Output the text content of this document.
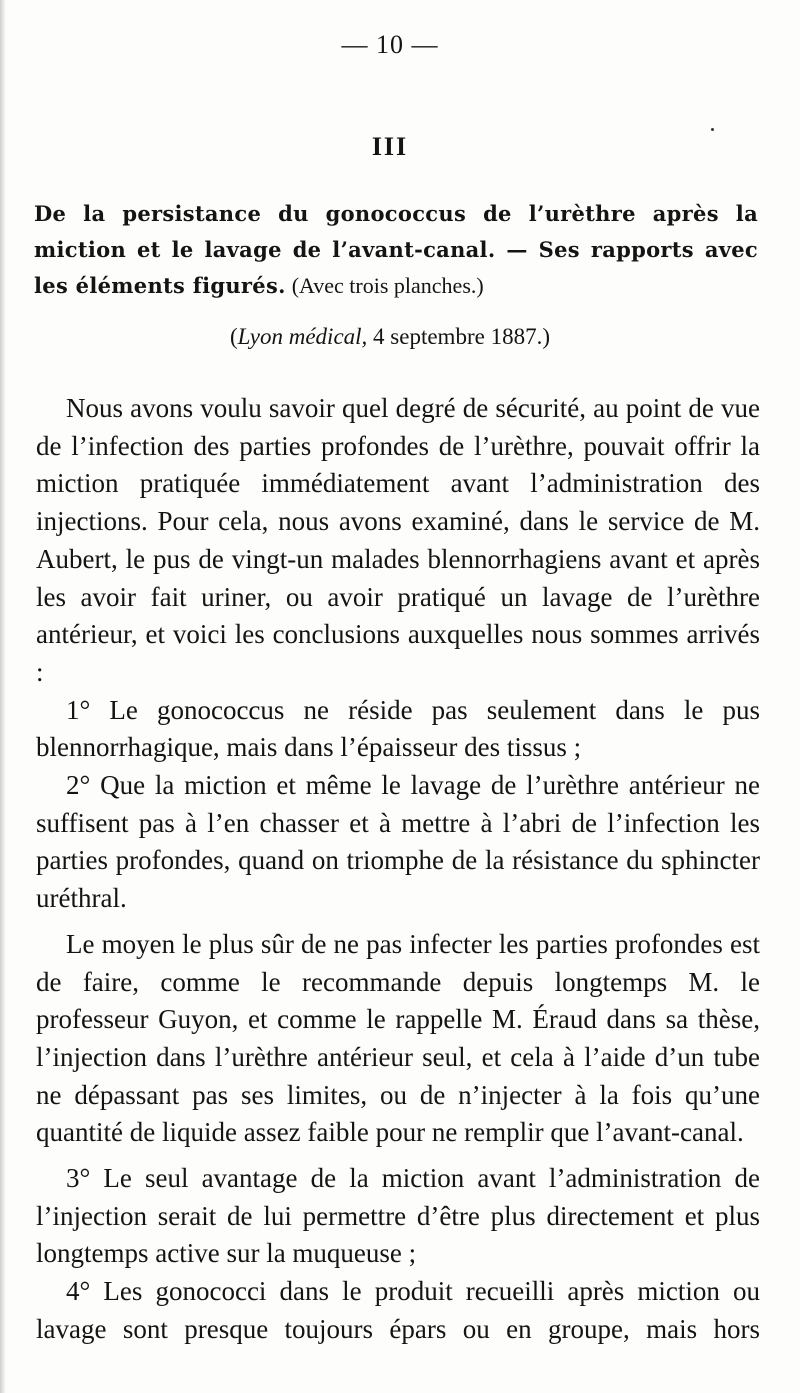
— 10 —
III
De la persistance du gonococcus de l’urèthre après la miction et le lavage de l’avant-canal. — Ses rapports avec les éléments figurés. (Avec trois planches.)
(Lyon médical, 4 septembre 1887.)

Nous avons voulu savoir quel degré de sécurité, au point de vue de l’infection des parties profondes de l’urèthre, pouvait offrir la miction pratiquée immédiatement avant l’administration des injections. Pour cela, nous avons examiné, dans le service de M. Aubert, le pus de vingt-un malades blennorrhagiens avant et après les avoir fait uriner, ou avoir pratiqué un lavage de l’urèthre antérieur, et voici les conclusions auxquelles nous sommes arrivés :

1° Le gonococcus ne réside pas seulement dans le pus blennorrhagique, mais dans l’épaisseur des tissus ;

2° Que la miction et même le lavage de l’urèthre antérieur ne suffisent pas à l’en chasser et à mettre à l’abri de l’infection les parties profondes, quand on triomphe de la résistance du sphincter uréthral.

Le moyen le plus sûr de ne pas infecter les parties profondes est de faire, comme le recommande depuis longtemps M. le professeur Guyon, et comme le rappelle M. Éraud dans sa thèse, l’injection dans l’urèthre antérieur seul, et cela à l’aide d’un tube ne dépassant pas ses limites, ou de n’injecter à la fois qu’une quantité de liquide assez faible pour ne remplir que l’avant-canal.

3° Le seul avantage de la miction avant l’administration de l’injection serait de lui permettre d’être plus directement et plus longtemps active sur la muqueuse ;

4° Les gonococci dans le produit recueilli après miction ou lavage sont presque toujours épars ou en groupe, mais hors
